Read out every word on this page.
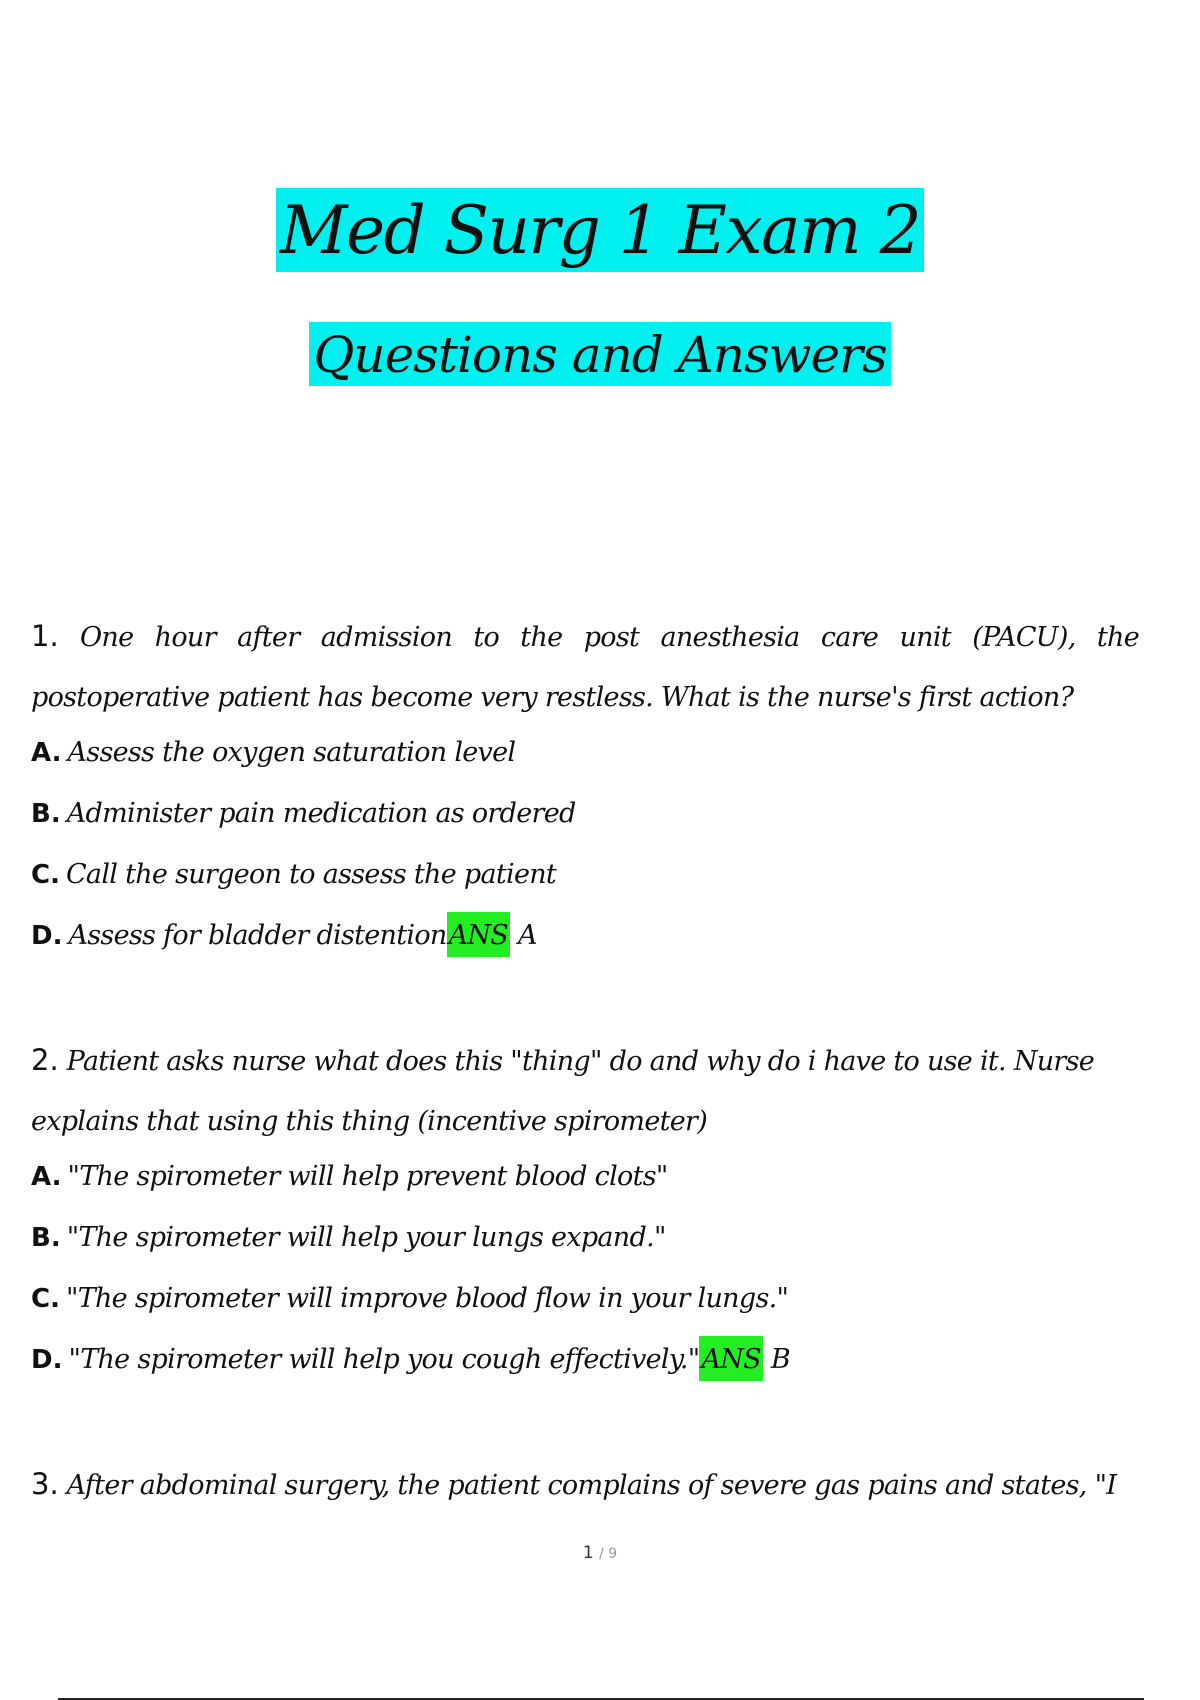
Med Surg 1 Exam 2
Questions and Answers
1. One hour after admission to the post anesthesia care unit (PACU), the
postoperative patient has become very restless. What is the nurse's first action?
A. Assess the oxygen saturation level
B. Administer pain medication as ordered
C. Call the surgeon to assess the patient
D. Assess for bladder distentionANS A
2. Patient asks nurse what does this "thing" do and why do i have to use it. Nurse
explains that using this thing (incentive spirometer)
A. "The spirometer will help prevent blood clots"
B. "The spirometer will help your lungs expand."
C. "The spirometer will improve blood flow in your lungs."
D. "The spirometer will help you cough effectively."ANS B
3. After abdominal surgery, the patient complains of severe gas pains and states, "I
1 / 9
